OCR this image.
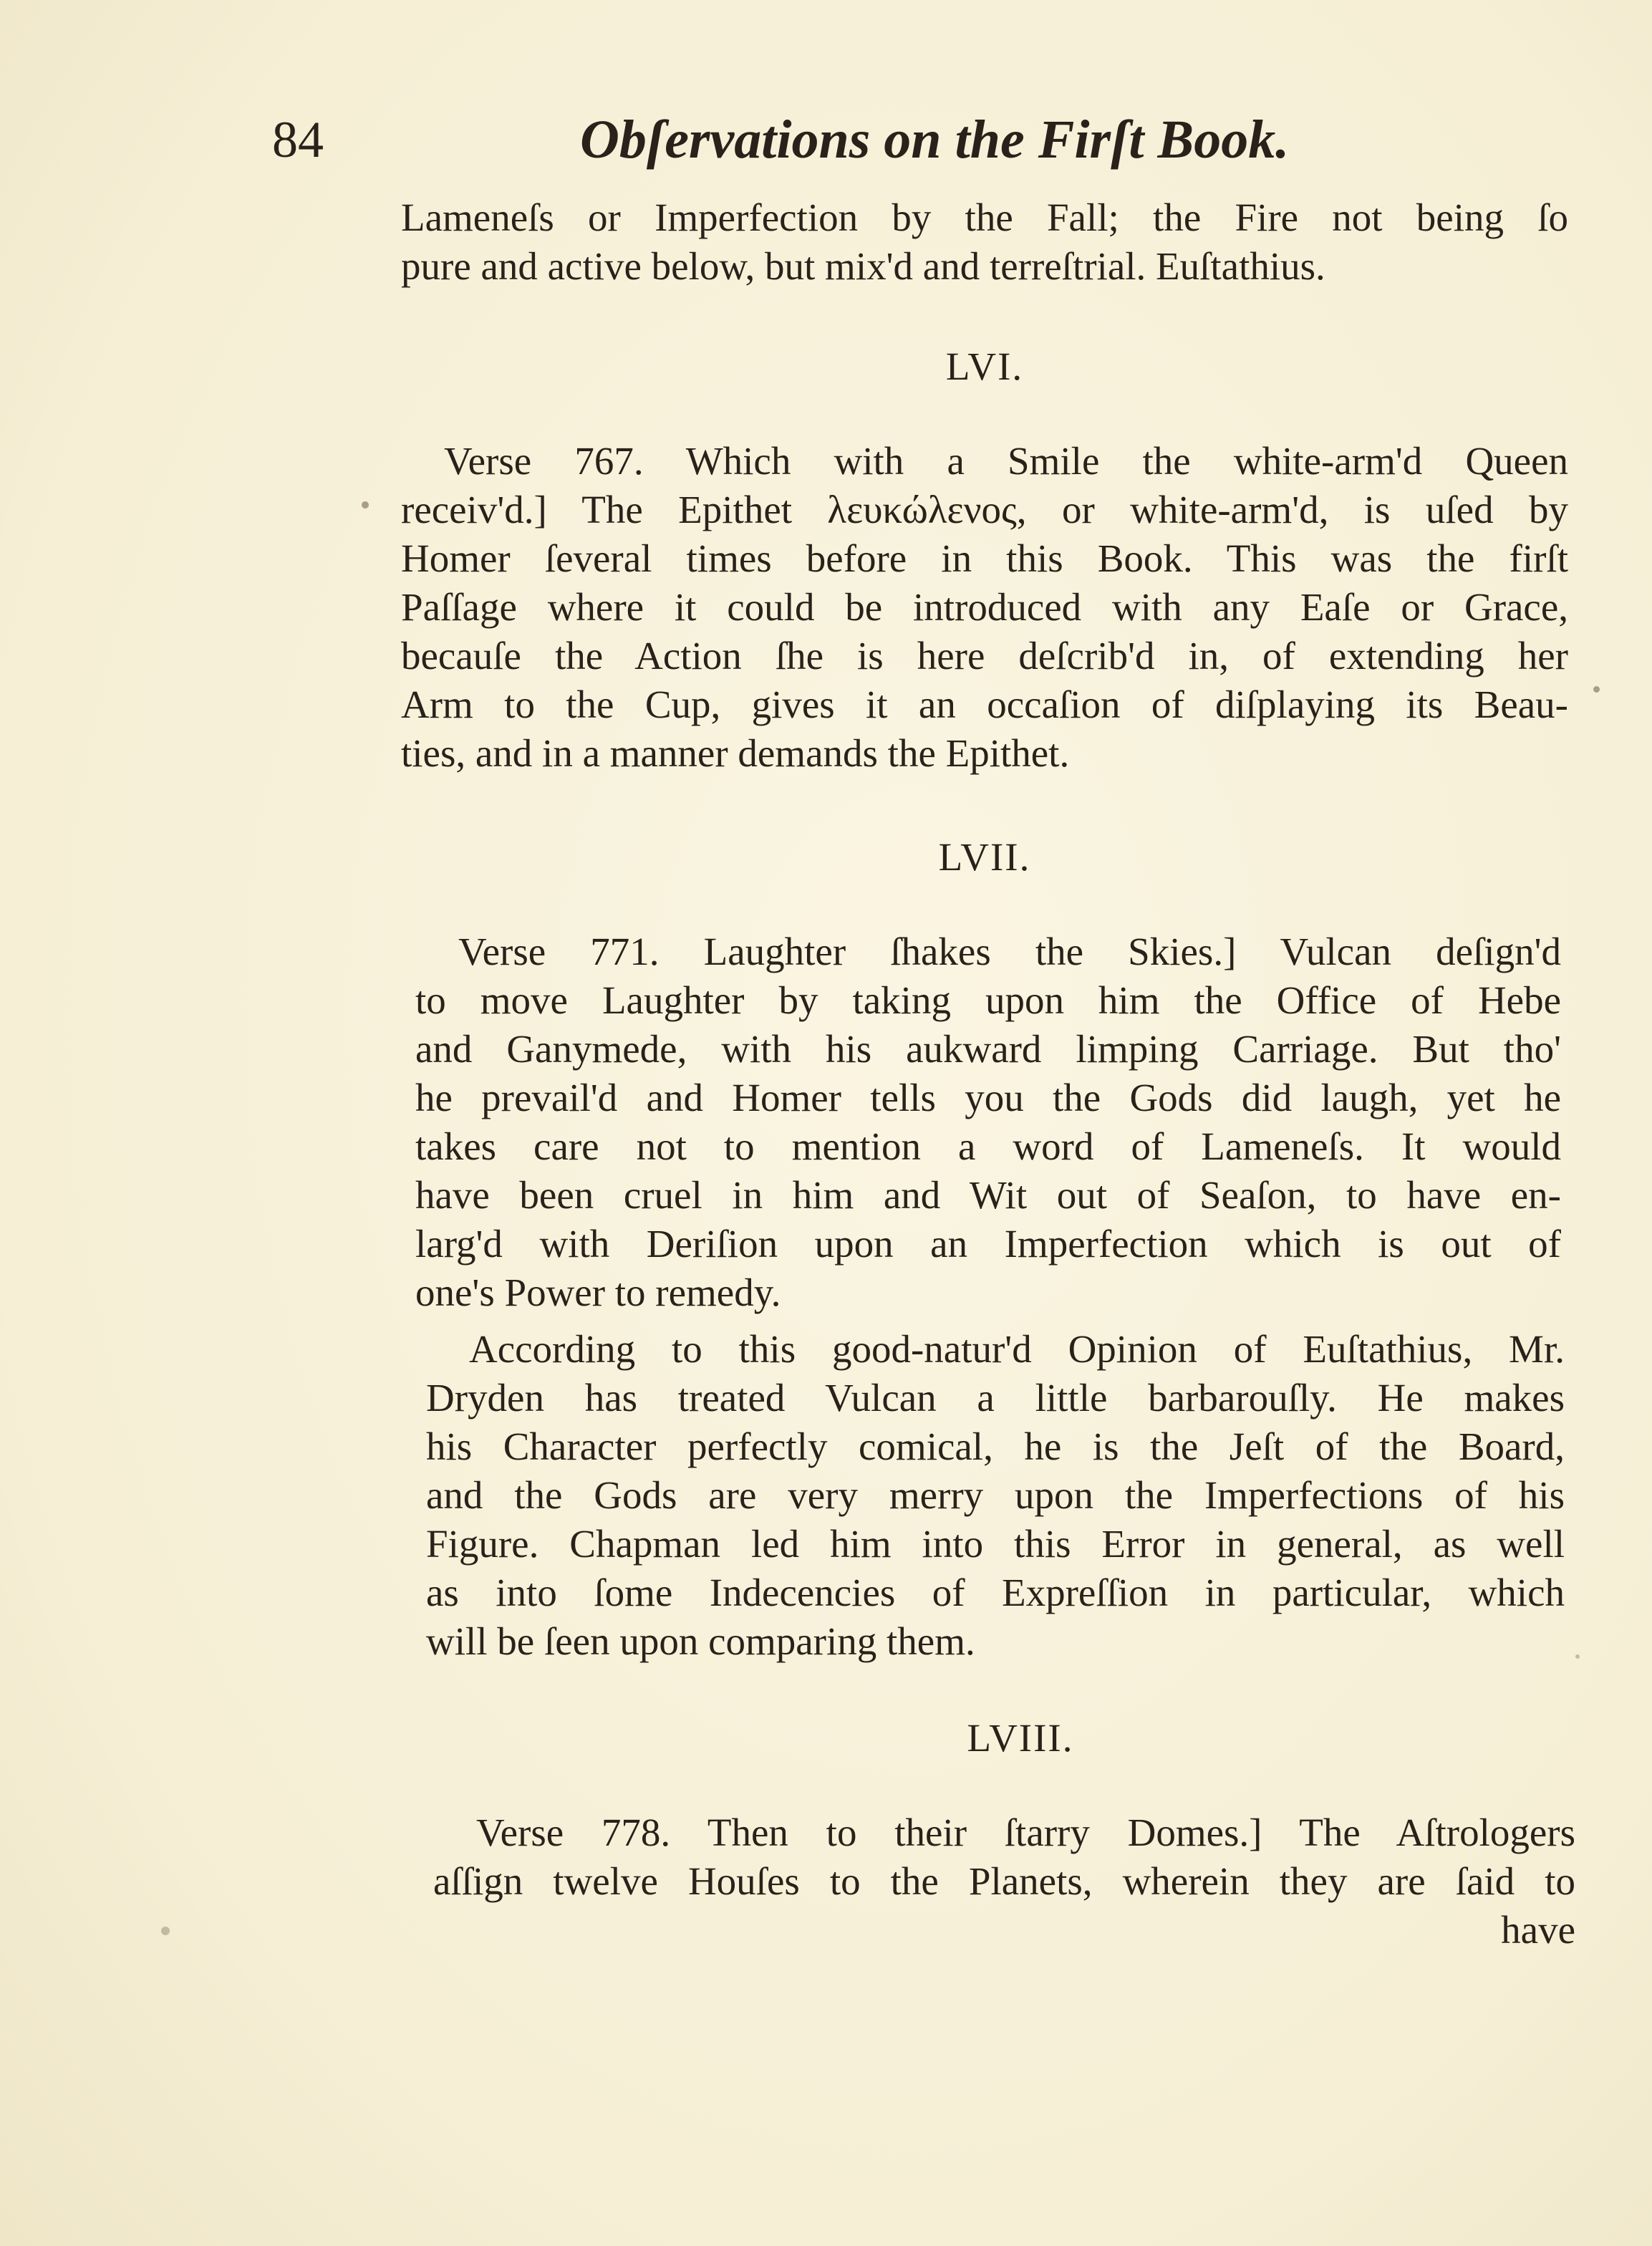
84	Obſervations on the Firſt Book.
Lameneſs or Imperfection by the Fall; the Fire not being ſo
pure and active below, but mix'd and terreſtrial. Euſtathius.
LVI.
Verse 767. Which with a Smile the white-arm'd Queen
receiv'd.] The Epithet λευκώλενος, or white-arm'd, is uſed by
Homer ſeveral times before in this Book. This was the firſt
Paſſage where it could be introduced with any Eaſe or Grace,
becauſe the Action ſhe is here deſcrib'd in, of extending her
Arm to the Cup, gives it an occaſion of diſplaying its Beau-
ties, and in a manner demands the Epithet.
LVII.
Verse 771. Laughter ſhakes the Skies.] Vulcan deſign'd
to move Laughter by taking upon him the Office of Hebe
and Ganymede, with his aukward limping Carriage. But tho'
he prevail'd and Homer tells you the Gods did laugh, yet he
takes care not to mention a word of Lameneſs. It would
have been cruel in him and Wit out of Seaſon, to have en-
larg'd with Deriſion upon an Imperfection which is out of
one's Power to remedy.
According to this good-natur'd Opinion of Euſtathius, Mr.
Dryden has treated Vulcan a little barbarouſly. He makes
his Character perfectly comical, he is the Jeſt of the Board,
and the Gods are very merry upon the Imperfections of his
Figure. Chapman led him into this Error in general, as well
as into ſome Indecencies of Expreſſion in particular, which
will be ſeen upon comparing them.
LVIII.
Verse 778. Then to their ſtarry Domes.] The Aſtrologers
aſſign twelve Houſes to the Planets, wherein they are ſaid to
have
